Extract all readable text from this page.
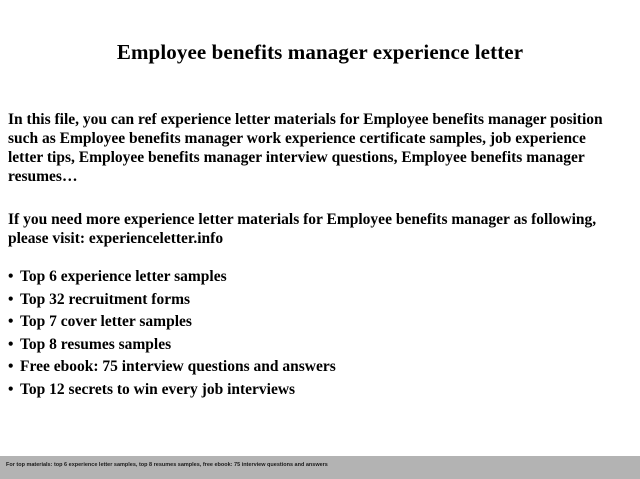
Employee benefits manager experience letter
In this file, you can ref experience letter materials for Employee benefits manager position such as Employee benefits manager work experience certificate samples, job experience letter tips, Employee benefits manager interview questions, Employee benefits manager resumes…
If you need more experience letter materials for Employee benefits manager as following, please visit: experienceletter.info
• Top 6 experience letter samples
• Top 32 recruitment forms
• Top 7 cover letter samples
• Top 8 resumes samples
• Free ebook: 75 interview questions and answers
• Top 12 secrets to win every job interviews
For top materials: top 6 experience letter samples, top 8 resumes samples, free ebook: 75 interview questions and answers
